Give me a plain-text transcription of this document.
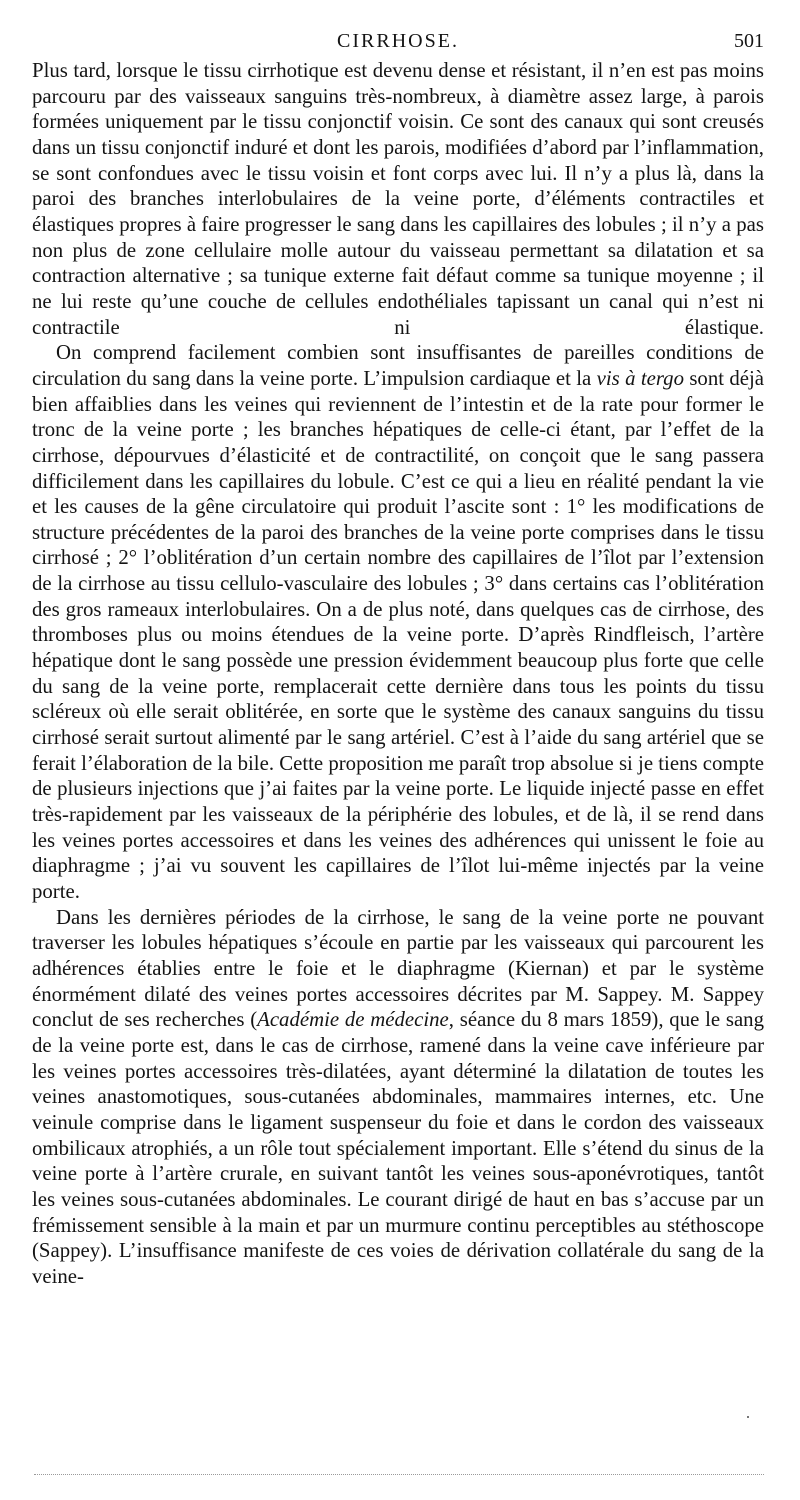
CIRRHOSE.	501

Plus tard, lorsque le tissu cirrhotique est devenu dense et résistant, il n’en est pas moins parcouru par des vaisseaux sanguins très-nombreux, à diamètre assez large, à parois formées uniquement par le tissu conjonctif voisin. Ce sont des canaux qui sont creusés dans un tissu conjonctif induré et dont les parois, modifiées d’abord par l’inflammation, se sont confondues avec le tissu voisin et font corps avec lui. Il n’y a plus là, dans la paroi des branches interlobulaires de la veine porte, d’éléments contractiles et élastiques propres à faire progresser le sang dans les capillaires des lobules ; il n’y a pas non plus de zone cellulaire molle autour du vaisseau permettant sa dilatation et sa contraction alternative ; sa tunique externe fait défaut comme sa tunique moyenne ; il ne lui reste qu’une couche de cellules endothéliales tapissant un canal qui n’est ni contractile ni élastique.

On comprend facilement combien sont insuffisantes de pareilles conditions de circulation du sang dans la veine porte. L’impulsion cardiaque et la vis à tergo sont déjà bien affaiblies dans les veines qui reviennent de l’intestin et de la rate pour former le tronc de la veine porte ; les branches hépatiques de celle-ci étant, par l’effet de la cirrhose, dépourvues d’élasticité et de contractilité, on conçoit que le sang passera difficilement dans les capillaires du lobule. C’est ce qui a lieu en réalité pendant la vie et les causes de la gêne circulatoire qui produit l’ascite sont : 1° les modifications de structure précédentes de la paroi des branches de la veine porte comprises dans le tissu cirrhosé ; 2° l’oblitération d’un certain nombre des capillaires de l’îlot par l’extension de la cirrhose au tissu cellulo-vasculaire des lobules ; 3° dans certains cas l’oblitération des gros rameaux interlobulaires. On a de plus noté, dans quelques cas de cirrhose, des thromboses plus ou moins étendues de la veine porte. D’après Rindfleisch, l’artère hépatique dont le sang possède une pression évidemment beaucoup plus forte que celle du sang de la veine porte, remplacerait cette dernière dans tous les points du tissu scléreux où elle serait oblitérée, en sorte que le système des canaux sanguins du tissu cirrhosé serait surtout alimenté par le sang artériel. C’est à l’aide du sang artériel que se ferait l’élaboration de la bile. Cette proposition me paraît trop absolue si je tiens compte de plusieurs injections que j’ai faites par la veine porte. Le liquide injecté passe en effet très-rapidement par les vaisseaux de la périphérie des lobules, et de là, il se rend dans les veines portes accessoires et dans les veines des adhérences qui unissent le foie au diaphragme ; j’ai vu souvent les capillaires de l’îlot lui-même injectés par la veine porte.

Dans les dernières périodes de la cirrhose, le sang de la veine porte ne pouvant traverser les lobules hépatiques s’écoule en partie par les vaisseaux qui parcourent les adhérences établies entre le foie et le diaphragme (Kiernan) et par le système énormément dilaté des veines portes accessoires décrites par M. Sappey. M. Sappey conclut de ses recherches (Académie de médecine, séance du 8 mars 1859), que le sang de la veine porte est, dans le cas de cirrhose, ramené dans la veine cave inférieure par les veines portes accessoires très-dilatées, ayant déterminé la dilatation de toutes les veines anastomotiques, sous-cutanées abdominales, mammaires internes, etc. Une veinule comprise dans le ligament suspenseur du foie et dans le cordon des vaisseaux ombilicaux atrophiés, a un rôle tout spécialement important. Elle s’étend du sinus de la veine porte à l’artère crurale, en suivant tantôt les veines sous-aponévrotiques, tantôt les veines sous-cutanées abdominales. Le courant dirigé de haut en bas s’accuse par un frémissement sensible à la main et par un murmure continu perceptibles au stéthoscope (Sappey). L’insuffisance manifeste de ces voies de dérivation collatérale du sang de la veine-
